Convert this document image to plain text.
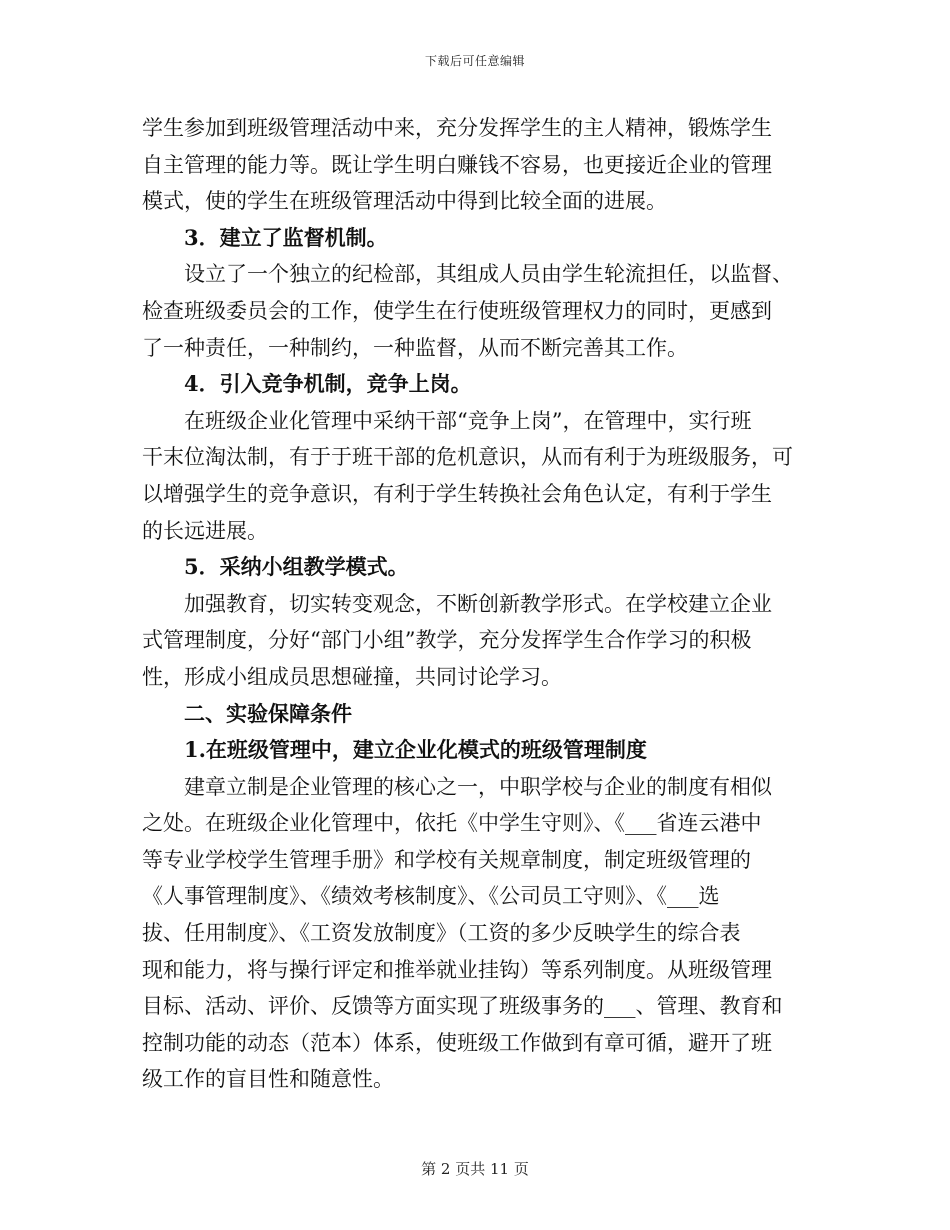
下载后可任意编辑
学生参加到班级管理活动中来，充分发挥学生的主人精神，锻炼学生
自主管理的能力等。既让学生明白赚钱不容易，也更接近企业的管理
模式，使的学生在班级管理活动中得到比较全面的进展。
3．建立了监督机制。
设立了一个独立的纪检部，其组成人员由学生轮流担任，以监督、
检查班级委员会的工作，使学生在行使班级管理权力的同时，更感到
了一种责任，一种制约，一种监督，从而不断完善其工作。
4．引入竞争机制，竞争上岗。
在班级企业化管理中采纳干部“竞争上岗”，在管理中，实行班
干末位淘汰制，有于于班干部的危机意识，从而有利于为班级服务，可
以增强学生的竞争意识，有利于学生转换社会角色认定，有利于学生
的长远进展。
5．采纳小组教学模式。
加强教育，切实转变观念，不断创新教学形式。在学校建立企业
式管理制度，分好“部门小组”教学，充分发挥学生合作学习的积极
性，形成小组成员思想碰撞，共同讨论学习。
二、实验保障条件
1.在班级管理中，建立企业化模式的班级管理制度
建章立制是企业管理的核心之一，中职学校与企业的制度有相似
之处。在班级企业化管理中，依托《中学生守则》、《___省连云港中
等专业学校学生管理手册》和学校有关规章制度，制定班级管理的
《人事管理制度》、《绩效考核制度》、《公司员工守则》、《___选
拔、任用制度》、《工资发放制度》（工资的多少反映学生的综合表
现和能力，将与操行评定和推举就业挂钩）等系列制度。从班级管理
目标、活动、评价、反馈等方面实现了班级事务的___、管理、教育和
控制功能的动态（范本）体系，使班级工作做到有章可循，避开了班
级工作的盲目性和随意性。
第 2 页共 11 页
